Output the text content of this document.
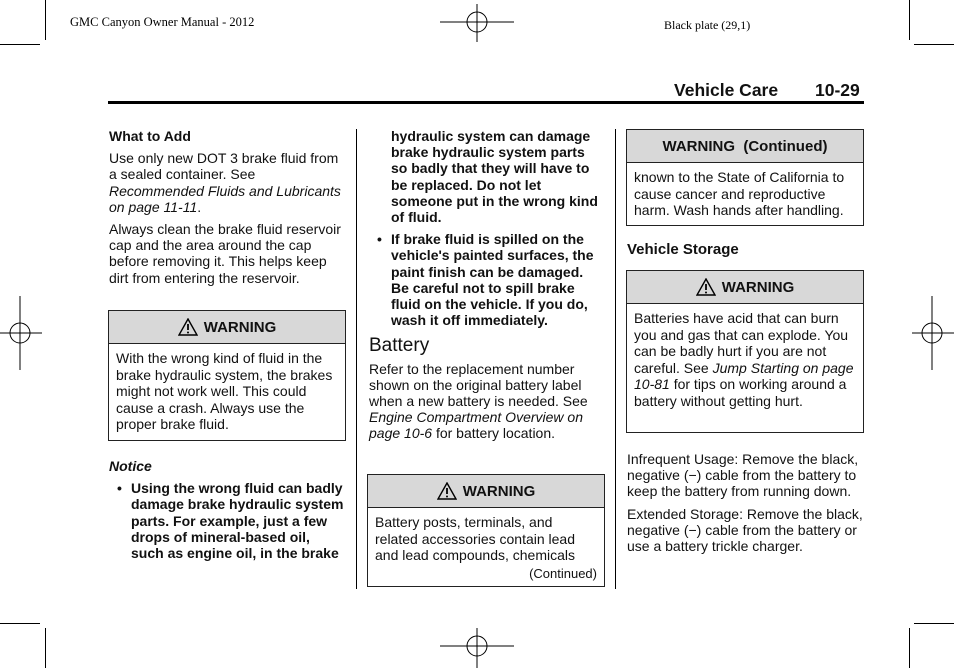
GMC Canyon Owner Manual - 2012	Black plate (29,1)
Vehicle Care 10-29

What to Add

Use only new DOT 3 brake fluid from a sealed container. See Recommended Fluids and Lubricants on page 11-11.

Always clean the brake fluid reservoir cap and the area around the cap before removing it. This helps keep dirt from entering the reservoir.

WARNING
With the wrong kind of fluid in the brake hydraulic system, the brakes might not work well. This could cause a crash. Always use the proper brake fluid.

Notice

• Using the wrong fluid can badly damage brake hydraulic system parts. For example, just a few drops of mineral-based oil, such as engine oil, in the brake

hydraulic system can damage brake hydraulic system parts so badly that they will have to be replaced. Do not let someone put in the wrong kind of fluid.

• If brake fluid is spilled on the vehicle's painted surfaces, the paint finish can be damaged. Be careful not to spill brake fluid on the vehicle. If you do, wash it off immediately.

Battery

Refer to the replacement number shown on the original battery label when a new battery is needed. See Engine Compartment Overview on page 10-6 for battery location.

WARNING
Battery posts, terminals, and related accessories contain lead and lead compounds, chemicals
(Continued)
WARNING  (Continued)
known to the State of California to cause cancer and reproductive harm. Wash hands after handling.

Vehicle Storage

WARNING
Batteries have acid that can burn you and gas that can explode. You can be badly hurt if you are not careful. See Jump Starting on page 10-81 for tips on working around a battery without getting hurt.

Infrequent Usage: Remove the black, negative (−) cable from the battery to keep the battery from running down.

Extended Storage: Remove the black, negative (−) cable from the battery or use a battery trickle charger.
